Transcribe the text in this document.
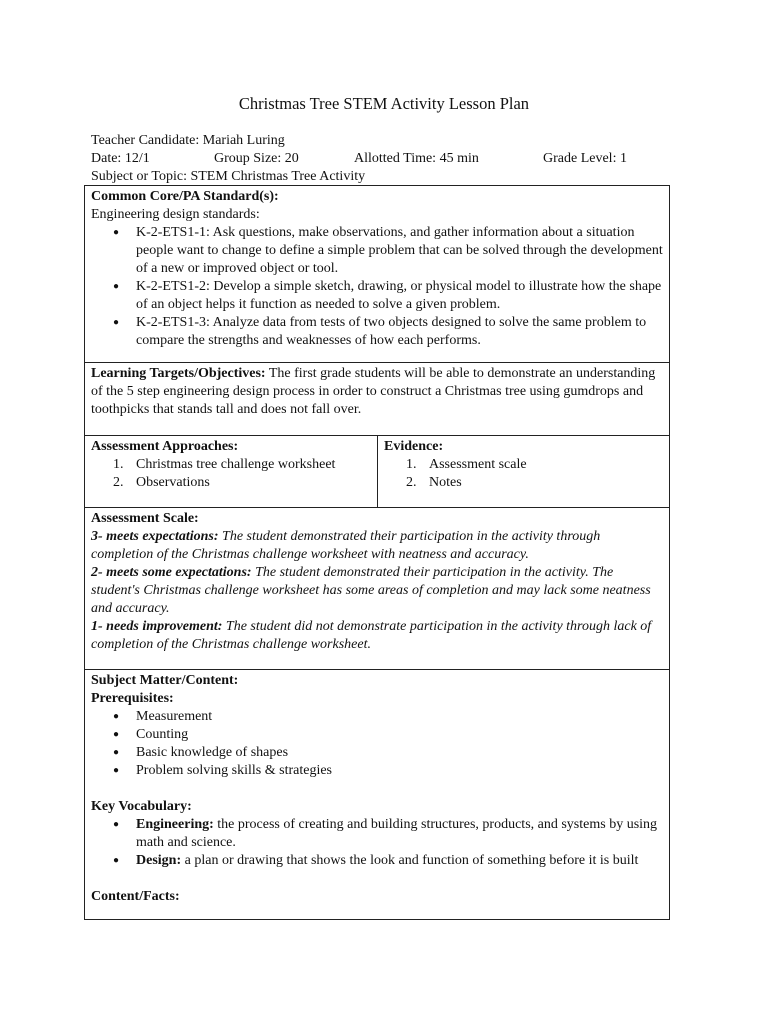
Christmas Tree STEM Activity Lesson Plan
Teacher Candidate: Mariah Luring
Date: 12/1	Group Size: 20	Allotted Time: 45 min	Grade Level: 1
Subject or Topic: STEM Christmas Tree Activity
Common Core/PA Standard(s):
Engineering design standards:
● K-2-ETS1-1: Ask questions, make observations, and gather information about a situation people want to change to define a simple problem that can be solved through the development of a new or improved object or tool.
● K-2-ETS1-2: Develop a simple sketch, drawing, or physical model to illustrate how the shape of an object helps it function as needed to solve a given problem.
● K-2-ETS1-3: Analyze data from tests of two objects designed to solve the same problem to compare the strengths and weaknesses of how each performs.
Learning Targets/Objectives: The first grade students will be able to demonstrate an understanding of the 5 step engineering design process in order to construct a Christmas tree using gumdrops and toothpicks that stands tall and does not fall over.
Assessment Approaches:
1. Christmas tree challenge worksheet
2. Observations
Evidence:
1. Assessment scale
2. Notes
Assessment Scale:
3- meets expectations: The student demonstrated their participation in the activity through completion of the Christmas challenge worksheet with neatness and accuracy.
2- meets some expectations: The student demonstrated their participation in the activity. The student's Christmas challenge worksheet has some areas of completion and may lack some neatness and accuracy.
1- needs improvement: The student did not demonstrate participation in the activity through lack of completion of the Christmas challenge worksheet.
Subject Matter/Content:
Prerequisites:
● Measurement
● Counting
● Basic knowledge of shapes
● Problem solving skills & strategies
Key Vocabulary:
● Engineering: the process of creating and building structures, products, and systems by using math and science.
● Design: a plan or drawing that shows the look and function of something before it is built
Content/Facts:
